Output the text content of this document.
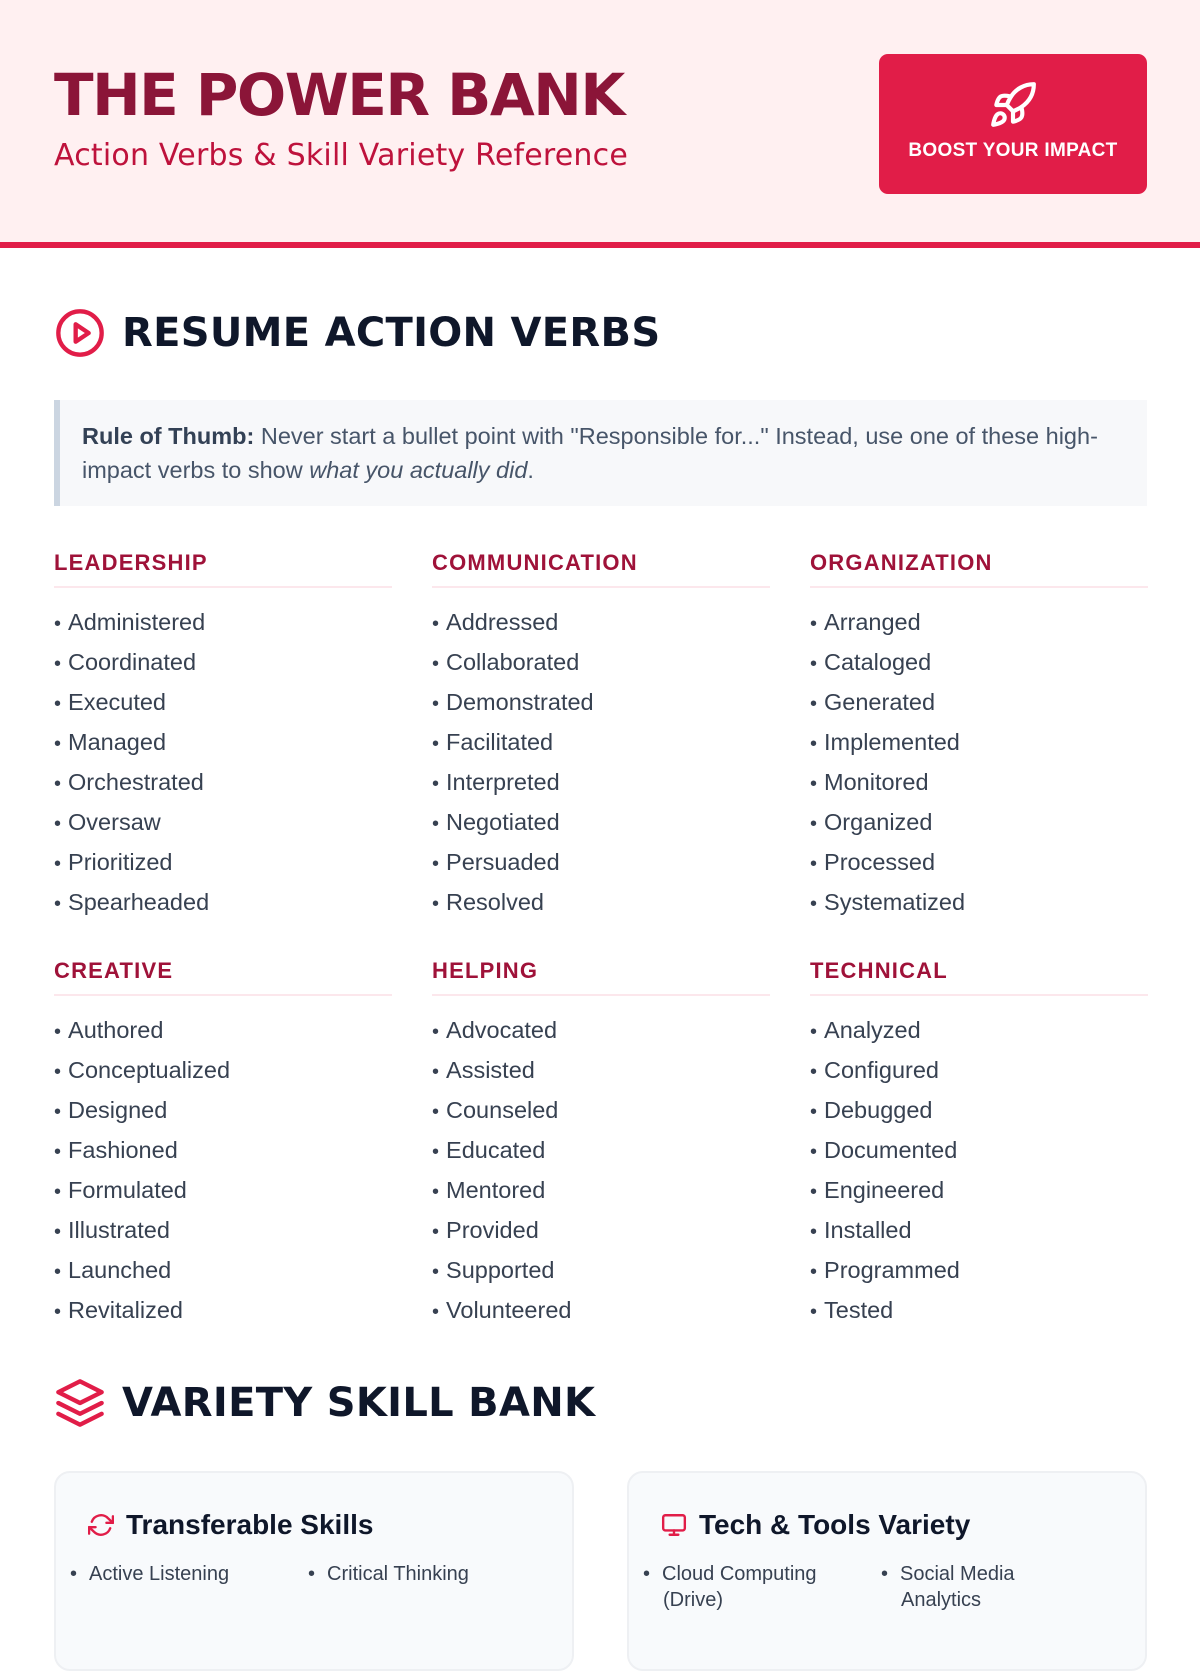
THE POWER BANK
Action Verbs & Skill Variety Reference	BOOST YOUR IMPACT
RESUME ACTION VERBS
Rule of Thumb: Never start a bullet point with "Responsible for..." Instead, use one of these high-impact verbs to show what you actually did.
LEADERSHIP
• Administered
• Coordinated
• Executed
• Managed
• Orchestrated
• Oversaw
• Prioritized
• Spearheaded
COMMUNICATION
• Addressed
• Collaborated
• Demonstrated
• Facilitated
• Interpreted
• Negotiated
• Persuaded
• Resolved
ORGANIZATION
• Arranged
• Cataloged
• Generated
• Implemented
• Monitored
• Organized
• Processed
• Systematized
CREATIVE
• Authored
• Conceptualized
• Designed
• Fashioned
• Formulated
• Illustrated
• Launched
• Revitalized
HELPING
• Advocated
• Assisted
• Counseled
• Educated
• Mentored
• Provided
• Supported
• Volunteered
TECHNICAL
• Analyzed
• Configured
• Debugged
• Documented
• Engineered
• Installed
• Programmed
• Tested
VARIETY SKILL BANK
Transferable Skills
• Active Listening
•	Critical Thinking
Tech & Tools Variety
• Cloud Computing (Drive)
• Social Media Analytics
